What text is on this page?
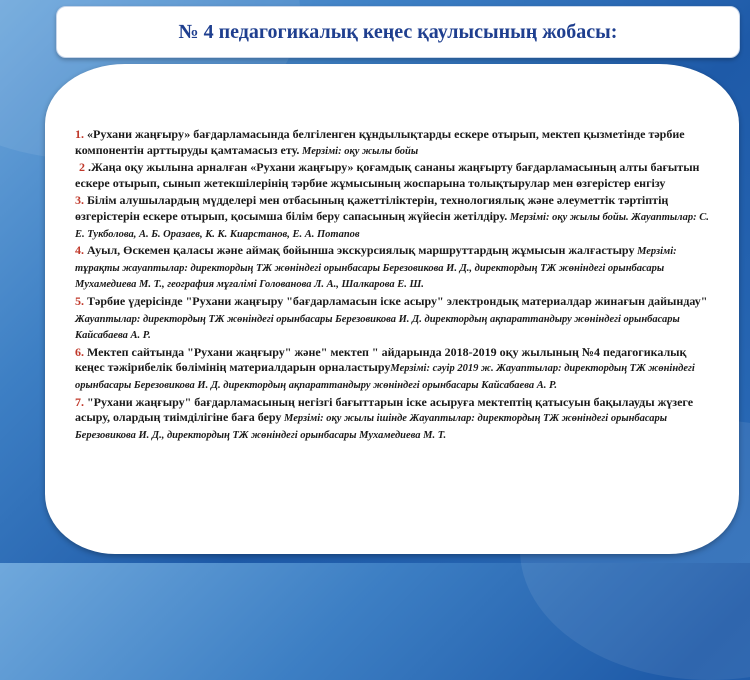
№ 4 педагогикалық кеңес қаулысының жобасы:

1. «Рухани жаңғыру» бағдарламасында белгіленген құндылықтарды ескере отырып, мектеп қызметінде тәрбие компонентін арттыруды қамтамасыз ету. Мерзімі: оқу жылы бойы

2 .Жаңа оқу жылына арналған «Рухани жаңғыру» қоғамдық сананы жаңғырту бағдарламасының алты бағытын ескере отырып, сынып жетекшілерінің тәрбие жұмысының жоспарына толықтырулар мен өзгерістер енгізу

3. Білім алушылардың мүдделері мен отбасының қажеттіліктерін, технологиялық және әлеуметтік тәртіптің өзгерістерін ескере отырып, қосымша білім беру сапасының жүйесін жетілдіру. Мерзімі: оқу жылы бойы. Жауаптылар: С. Е. Тукболова, А. Б. Оразаев, К. К. Киарстанов, Е. А. Потапов

4. Ауыл, Өскемен қаласы және аймақ бойынша экскурсиялық маршруттардың жұмысын жалғастыру Мерзімі: тұрақты жауаптылар: директордың ТЖ жөніндегі орынбасары Березовикова И. Д., директордың ТЖ жөніндегі орынбасары Мухамедиева М. Т., география мұғалімі Голованова Л. А., Шалкарова Е. Ш.

5. Тәрбие үдерісінде "Рухани жаңғыру "бағдарламасын іске асыру" электрондық материалдар жинағын дайындау" Жауаптылар: директордың ТЖ жөніндегі орынбасары Березовикова И. Д. директордың ақпараттандыру жөніндегі орынбасары Кайсабаева А. Р.

6. Мектеп сайтында "Рухани жаңғыру" және" мектеп " айдарында 2018-2019 оқу жылының №4 педагогикалық кеңес тәжірибелік бөлімінің материалдарын орналастыруМерзімі: сәуір 2019 ж. Жауаптылар: директордың ТЖ жөніндегі орынбасары Березовикова И. Д. директордың ақпараттандыру жөніндегі орынбасары Кайсабаева А. Р.

7. "Рухани жаңғыру" бағдарламасының негізгі бағыттарын іске асыруға мектептің қатысуын бақылауды жүзеге асыру, олардың тиімділігіне баға беру Мерзімі: оқу жылы ішінде Жауаптылар: директордың ТЖ жөніндегі орынбасары Березовикова И. Д., директордың ТЖ жөніндегі орынбасары Мухамедиева М. Т.
